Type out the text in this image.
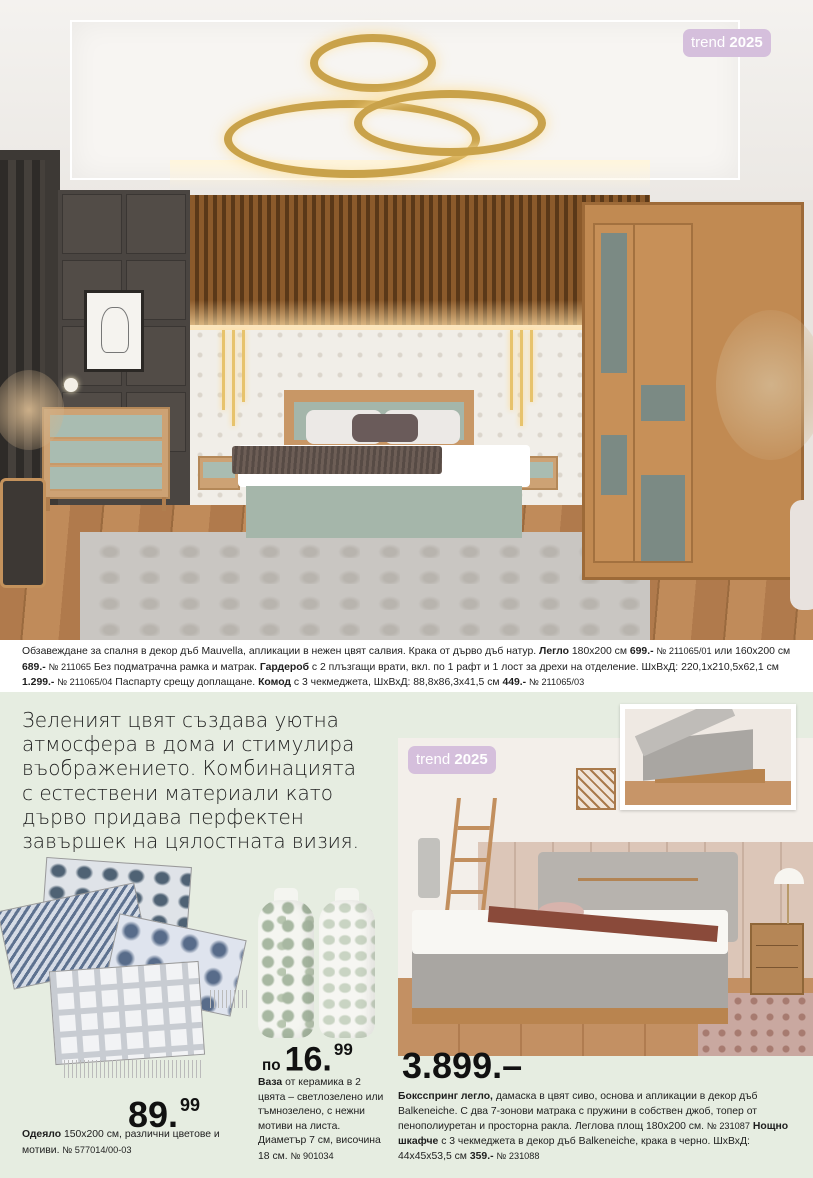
trend 2025
Обзавеждане за спалня в декор дъб Mauvella, апликации в нежен цвят салвия. Крака от дърво дъб натур. Легло 180x200 см 699.- № 211065/01 или 160x200 см 689.- № 211065 Без подматрачна рамка и матрак. Гардероб с 2 плъзгащи врати, вкл. по 1 рафт и 1 лост за дрехи на отделение. ШхВхД: 220,1x210,5x62,1 см 1.299.- № 211065/04 Паспарту срещу доплащане. Комод с 3 чекмеджета, ШхВхД: 88,8x86,3x41,5 см 449.- № 211065/03
Зеленият цвят създава уютна атмосфера в дома и стимулира въображението. Комбинацията с естествени материали като дърво придава перфектен завършек на цялостната визия.
89. $^{99}$
Одеяло 150x200 см, различни цветове и мотиви. № 577014/00-03
по 16. $^{99}$
Ваза от керамика в 2 цвята – светлозелено или тъмнозелено, с нежни мотиви на листа. Диаметър 7 см, височина 18 см. № 901034
trend 2025
3.899.–
Боксспринг легло, дамаска в цвят сиво, основа и апликации в декор дъб Balkeneiche. С два 7-зонови матрака с пружини в собствен джоб, топер от пенополиуретан и просторна ракла. Леглова площ 180x200 см. № 231087 Нощно шкафче с 3 чекмеджета в декор дъб Balkeneiche, крака в черно. ШхВхД: 44x45x53,5 см 359.- № 231088
